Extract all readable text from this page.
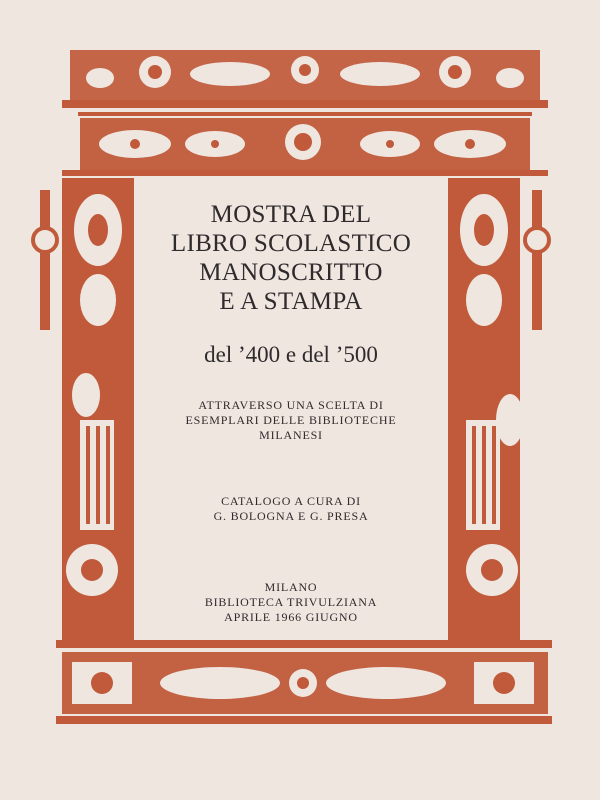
MOSTRA DEL
LIBRO SCOLASTICO
MANOSCRITTO
E A STAMPA
del ’400 e del ’500
ATTRAVERSO UNA SCELTA DI
ESEMPLARI DELLE BIBLIOTECHE
MILANESI
CATALOGO A CURA DI
G. BOLOGNA E G. PRESA
MILANO
BIBLIOTECA TRIVULZIANA
APRILE 1966 GIUGNO
